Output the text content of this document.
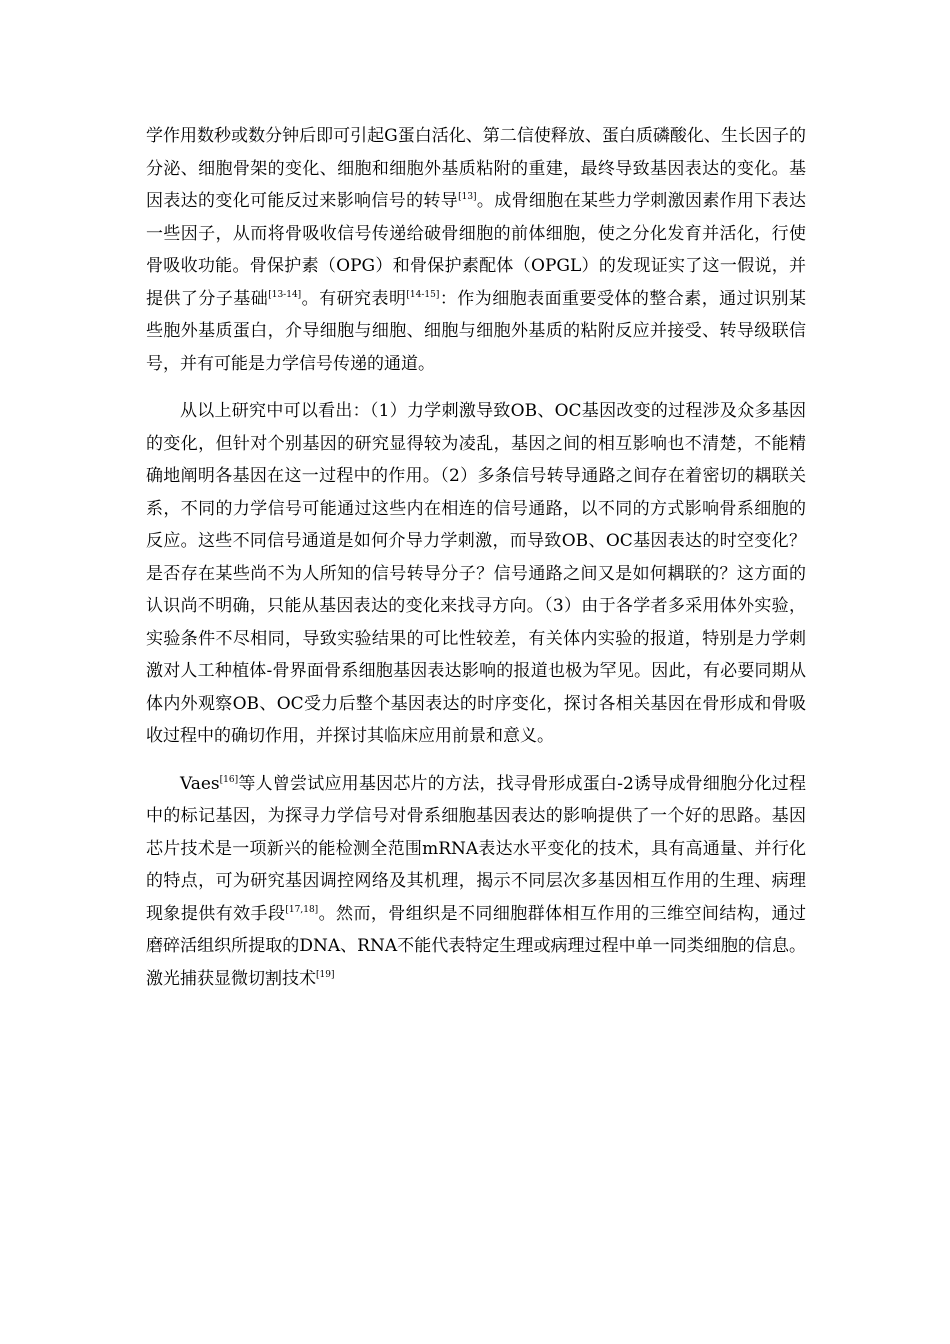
学作用数秒或数分钟后即可引起G蛋白活化、第二信使释放、蛋白质磷酸化、生长因子的分泌、细胞骨架的变化、细胞和细胞外基质粘附的重建，最终导致基因表达的变化。基因表达的变化可能反过来影响信号的转导[13]。成骨细胞在某些力学刺激因素作用下表达一些因子，从而将骨吸收信号传递给破骨细胞的前体细胞，使之分化发育并活化，行使骨吸收功能。骨保护素（OPG）和骨保护素配体（OPGL）的发现证实了这一假说，并提供了分子基础[13-14]。有研究表明[14-15]：作为细胞表面重要受体的整合素，通过识别某些胞外基质蛋白，介导细胞与细胞、细胞与细胞外基质的粘附反应并接受、转导级联信号，并有可能是力学信号传递的通道。

从以上研究中可以看出：（1）力学刺激导致OB、OC基因改变的过程涉及众多基因的变化，但针对个别基因的研究显得较为凌乱，基因之间的相互影响也不清楚，不能精确地阐明各基因在这一过程中的作用。（2）多条信号转导通路之间存在着密切的耦联关系，不同的力学信号可能通过这些内在相连的信号通路，以不同的方式影响骨系细胞的反应。这些不同信号通道是如何介导力学刺激，而导致OB、OC基因表达的时空变化？是否存在某些尚不为人所知的信号转导分子？信号通路之间又是如何耦联的？这方面的认识尚不明确，只能从基因表达的变化来找寻方向。（3）由于各学者多采用体外实验，实验条件不尽相同，导致实验结果的可比性较差，有关体内实验的报道，特别是力学刺激对人工种植体-骨界面骨系细胞基因表达影响的报道也极为罕见。因此，有必要同期从体内外观察OB、OC受力后整个基因表达的时序变化，探讨各相关基因在骨形成和骨吸收过程中的确切作用，并探讨其临床应用前景和意义。

Vaes[16]等人曾尝试应用基因芯片的方法，找寻骨形成蛋白-2诱导成骨细胞分化过程中的标记基因，为探寻力学信号对骨系细胞基因表达的影响提供了一个好的思路。基因芯片技术是一项新兴的能检测全范围mRNA表达水平变化的技术，具有高通量、并行化的特点，可为研究基因调控网络及其机理，揭示不同层次多基因相互作用的生理、病理现象提供有效手段[17,18]。然而，骨组织是不同细胞群体相互作用的三维空间结构，通过磨碎活组织所提取的DNA、RNA不能代表特定生理或病理过程中单一同类细胞的信息。激光捕获显微切割技术[19]
